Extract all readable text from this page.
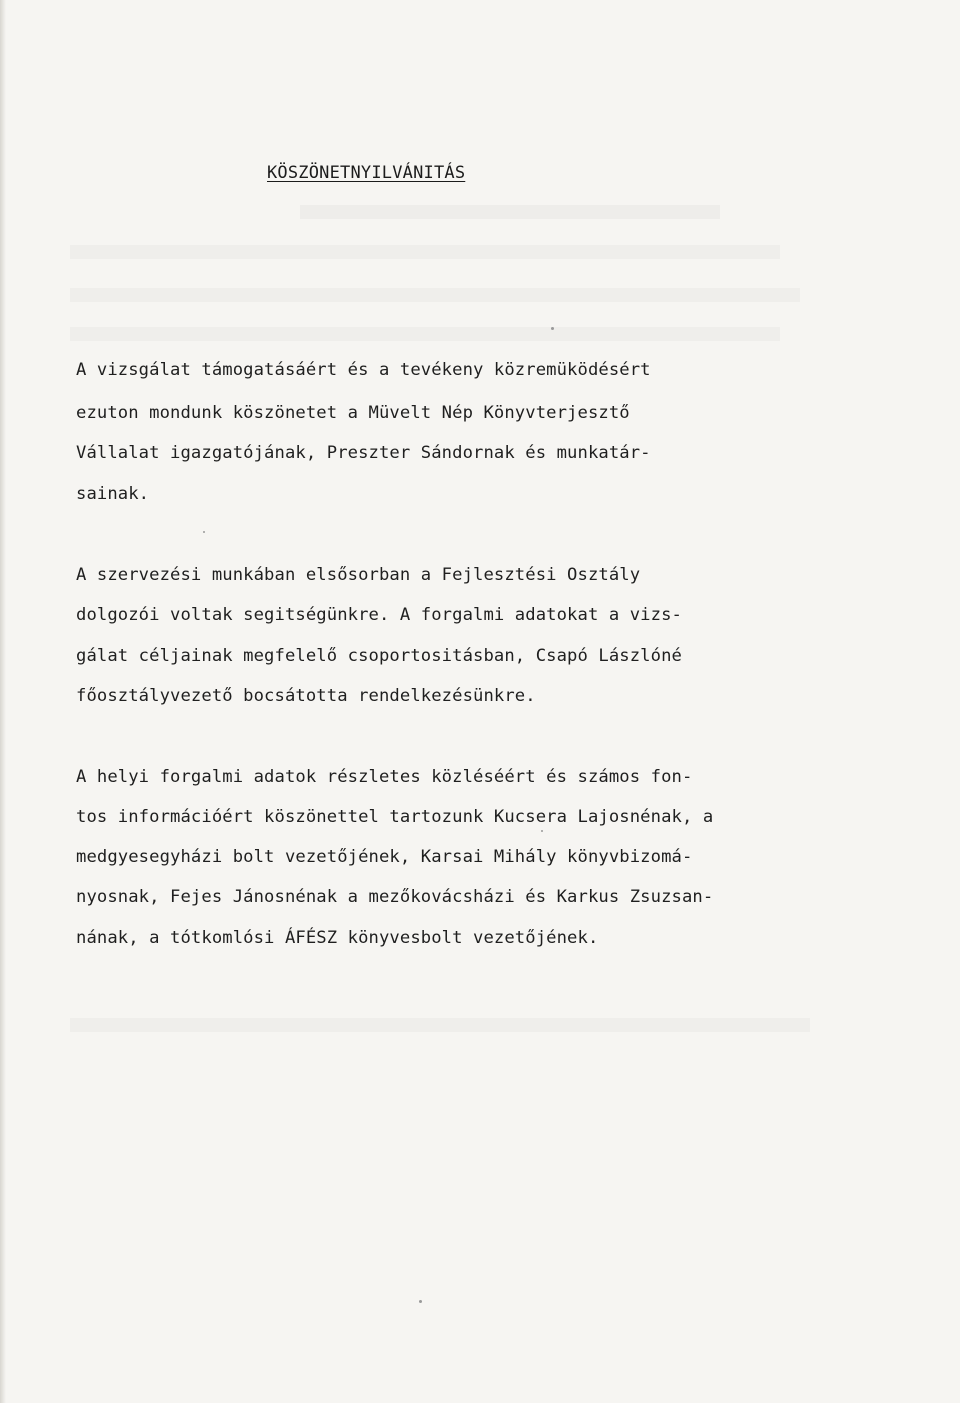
KÖSZÖNETNYILVÁNITÁS
A vizsgálat támogatásáért és a tevékeny közremüködésért
ezuton mondunk köszönetet a Müvelt Nép Könyvterjesztő
Vállalat igazgatójának, Preszter Sándornak és munkatár-
sainak.
A szervezési munkában elsősorban a Fejlesztési Osztály
dolgozói voltak segitségünkre. A forgalmi adatokat a vizs-
gálat céljainak megfelelő csoportositásban, Csapó Lászlóné
főosztályvezető bocsátotta rendelkezésünkre.
A helyi forgalmi adatok részletes közléséért és számos fon-
tos információért köszönettel tartozunk Kucsera Lajosnénak, a
medgyesegyházi bolt vezetőjének, Karsai Mihály könyvbizomá-
nyosnak, Fejes Jánosnénak a mezőkovácsházi és Karkus Zsuzsan-
nának, a tótkomlósi ÁFÉSZ könyvesbolt vezetőjének.
